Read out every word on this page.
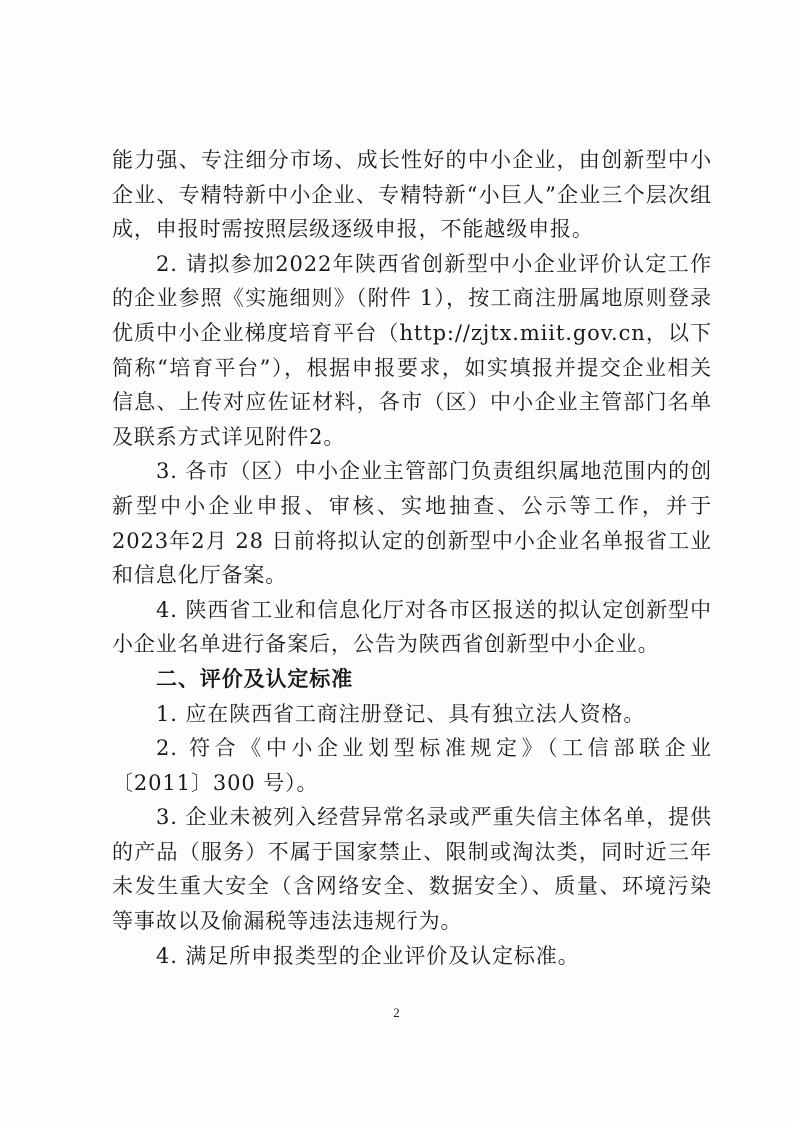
能力强、专注细分市场、成长性好的中小企业，由创新型中小企业、专精特新中小企业、专精特新“小巨人”企业三个层次组成，申报时需按照层级逐级申报，不能越级申报。

2. 请拟参加2022年陕西省创新型中小企业评价认定工作的企业参照《实施细则》（附件 1），按工商注册属地原则登录优质中小企业梯度培育平台（http://zjtx.miit.gov.cn，以下简称“培育平台”），根据申报要求，如实填报并提交企业相关信息、上传对应佐证材料，各市（区）中小企业主管部门名单及联系方式详见附件2。

3. 各市（区）中小企业主管部门负责组织属地范围内的创新型中小企业申报、审核、实地抽查、公示等工作，并于2023年2月 28 日前将拟认定的创新型中小企业名单报省工业和信息化厅备案。

4. 陕西省工业和信息化厅对各市区报送的拟认定创新型中小企业名单进行备案后，公告为陕西省创新型中小企业。

二、评价及认定标准

1. 应在陕西省工商注册登记、具有独立法人资格。

2. 符合《中小企业划型标准规定》（工信部联企业〔2011〕300 号）。

3. 企业未被列入经营异常名录或严重失信主体名单，提供的产品（服务）不属于国家禁止、限制或淘汰类，同时近三年未发生重大安全（含网络安全、数据安全）、质量、环境污染等事故以及偷漏税等违法违规行为。

4. 满足所申报类型的企业评价及认定标准。

2
